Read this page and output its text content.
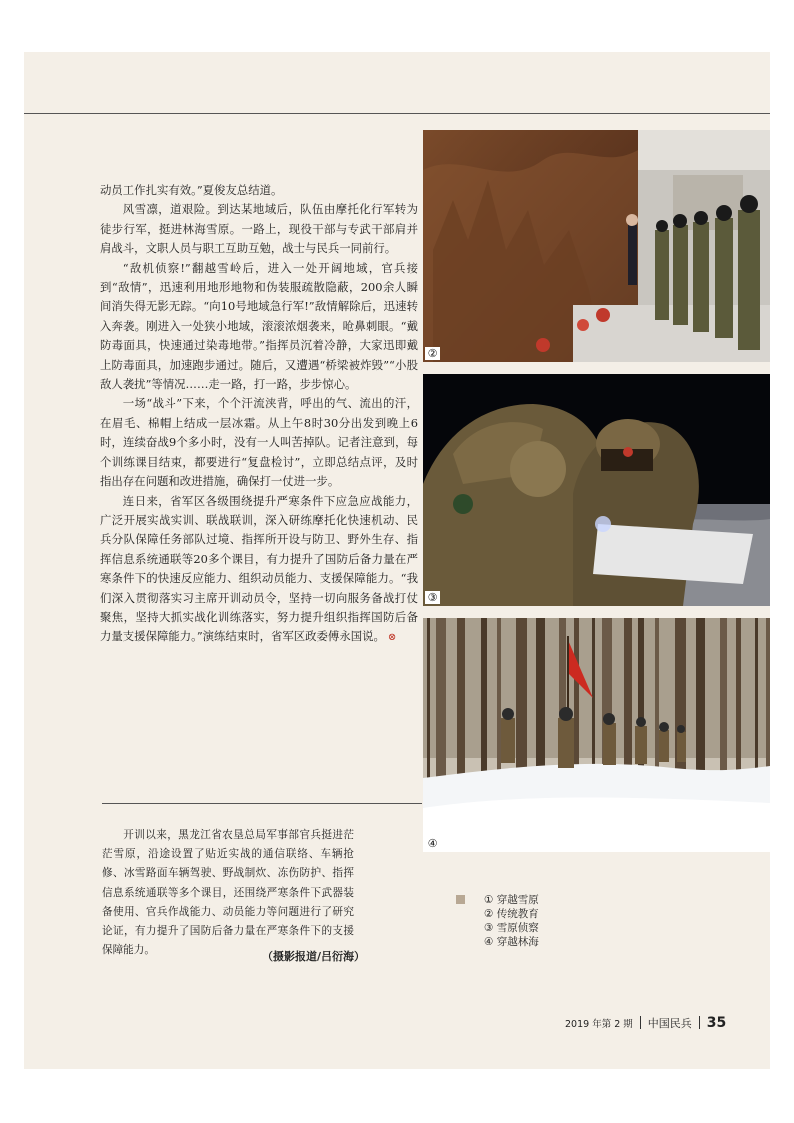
动员工作扎实有效。”夏俊友总结道。

风雪凛，道艰险。到达某地域后，队伍由摩托化行军转为徒步行军，挺进林海雪原。一路上，现役干部与专武干部肩并肩战斗，文职人员与职工互助互勉，战士与民兵一同前行。

“敌机侦察!”翻越雪岭后，进入一处开阔地域，官兵接到“敌情”，迅速利用地形地物和伪装服疏散隐蔽，200余人瞬间消失得无影无踪。“向10号地域急行军!”敌情解除后，迅速转入奔袭。刚进入一处狭小地域，滚滚浓烟袭来，呛鼻刺眼。“戴防毒面具，快速通过染毒地带。”指挥员沉着冷静，大家迅即戴上防毒面具，加速跑步通过。随后，又遭遇“桥梁被炸毁”“小股敌人袭扰”等情况……走一路，打一路，步步惊心。

一场“战斗”下来，个个汗流浃背，呼出的气、流出的汗，在眉毛、棉帽上结成一层冰霜。从上午8时30分出发到晚上6时，连续奋战9个多小时，没有一人叫苦掉队。记者注意到，每个训练课目结束，都要进行“复盘检讨”，立即总结点评，及时指出存在问题和改进措施，确保打一仗进一步。

连日来，省军区各级围绕提升严寒条件下应急应战能力，广泛开展实战实训、联战联训，深入研练摩托化快速机动、民兵分队保障任务部队过境、指挥所开设与防卫、野外生存、指挥信息系统通联等20多个课目，有力提升了国防后备力量在严寒条件下的快速反应能力、组织动员能力、支援保障能力。“我们深入贯彻落实习主席开训动员令，坚持一切向服务备战打仗聚焦，坚持大抓实战化训练落实，努力提升组织指挥国防后备力量支援保障能力。”演练结束时，省军区政委傅永国说。 ⊗

开训以来，黑龙江省农垦总局军事部官兵挺进茫茫雪原，沿途设置了贴近实战的通信联络、车辆抢修、冰雪路面车辆驾驶、野战制炊、冻伤防护、指挥信息系统通联等多个课目，还围绕严寒条件下武器装备使用、官兵作战能力、动员能力等问题进行了研究论证，有力提升了国防后备力量在严寒条件下的支援保障能力。	（摄影报道/吕衍海）
②
③
④
① 穿越雪原
② 传统教育
③ 雪原侦察
④ 穿越林海
2019 年第 2 期 中国民兵 35
